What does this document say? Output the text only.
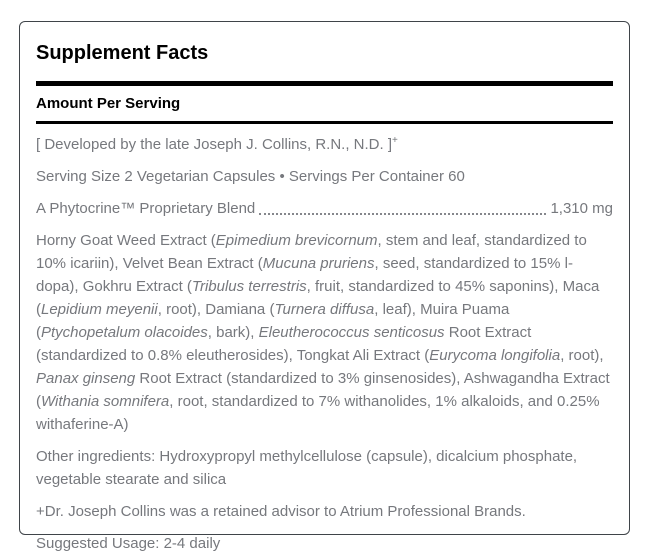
Supplement Facts
Amount Per Serving

[ Developed by the late Joseph J. Collins, R.N., N.D. ]+

Serving Size 2 Vegetarian Capsules • Servings Per Container 60

A Phytocrine™ Proprietary Blend	1,310 mg

Horny Goat Weed Extract (Epimedium brevicornum, stem and leaf, standardized to 10% icariin), Velvet Bean Extract (Mucuna pruriens, seed, standardized to 15% l-dopa), Gokhru Extract (Tribulus terrestris, fruit, standardized to 45% saponins), Maca (Lepidium meyenii, root), Damiana (Turnera diffusa, leaf), Muira Puama (Ptychopetalum olacoides, bark), Eleutherococcus senticosus Root Extract (standardized to 0.8% eleutherosides), Tongkat Ali Extract (Eurycoma longifolia, root), Panax ginseng Root Extract (standardized to 3% ginsenosides), Ashwagandha Extract (Withania somnifera, root, standardized to 7% withanolides, 1% alkaloids, and 0.25% withaferine-A)

Other ingredients: Hydroxypropyl methylcellulose (capsule), dicalcium phosphate, vegetable stearate and silica

+Dr. Joseph Collins was a retained advisor to Atrium Professional Brands.

Suggested Usage: 2-4 daily
